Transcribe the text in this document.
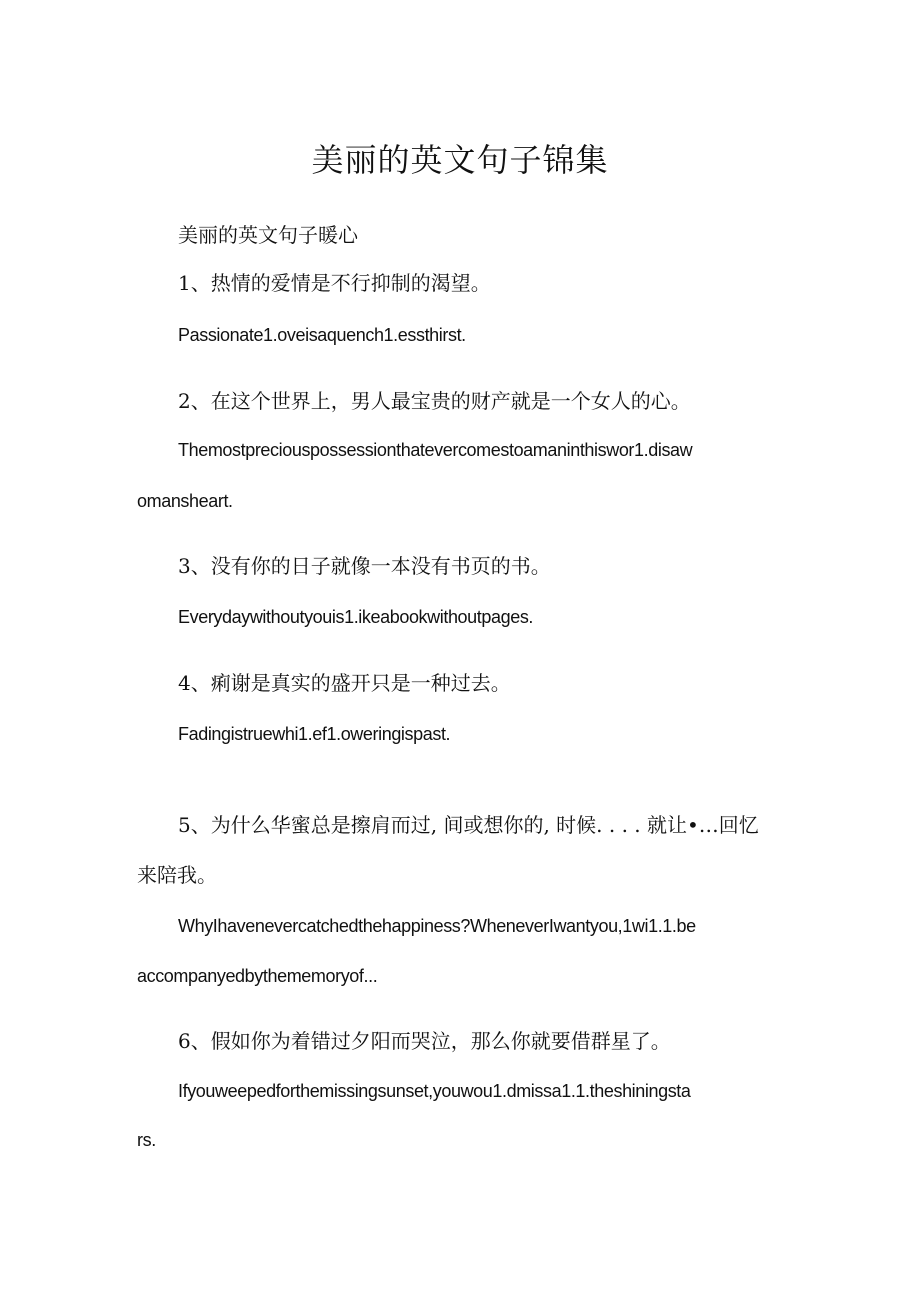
美丽的英文句子锦集

美丽的英文句子暖心

1、热情的爱情是不行抑制的渴望。

Passionate1.oveisaquench1.essthirst.

2、在这个世界上，男人最宝贵的财产就是一个女人的心。

Themostpreciouspossessionthatevercomestoamaninthiswor1.disaw

omansheart.

3、没有你的日子就像一本没有书页的书。

Everydaywithoutyouis1.ikeabookwithoutpages.

4、痢谢是真实的盛开只是一种过去。

Fadingistruewhi1.ef1.oweringispast.

5、为什么华蜜总是擦肩而过, 间或想你的, 时候. . . . 就让•…回忆

来陪我。

WhyIhavenevercatchedthehappiness?WheneverIwantyou,1wi1.1.be

accompanyedbythememoryof...

6、假如你为着错过夕阳而哭泣，那么你就要借群星了。

Ifyouweepedforthemissingsunset,youwou1.dmissa1.1.theshiningsta

rs.
